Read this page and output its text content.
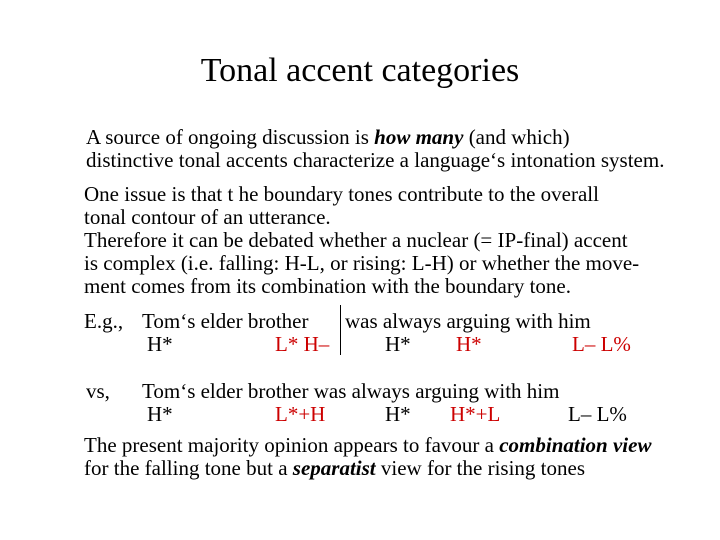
Tonal accent categories
A source of ongoing discussion is how many (and which)
distinctive tonal accents characterize a language‘s intonation system.
One issue is that t he boundary tones contribute to the overall
tonal contour of an utterance.
Therefore it can be debated whether a nuclear (= IP-final) accent
is complex (i.e. falling: H-L, or rising: L-H) or whether the move-
ment comes from its combination with the boundary tone.
E.g., Tom‘s elder brother was always arguing with him
H*	L* H–	H* H*	L– L%
vs, Tom‘s elder brother was always arguing with him
H*	L*+H	H* H*+L	L– L%
The present majority opinion appears to favour a combination view
for the falling tone but a separatist view for the rising tones
